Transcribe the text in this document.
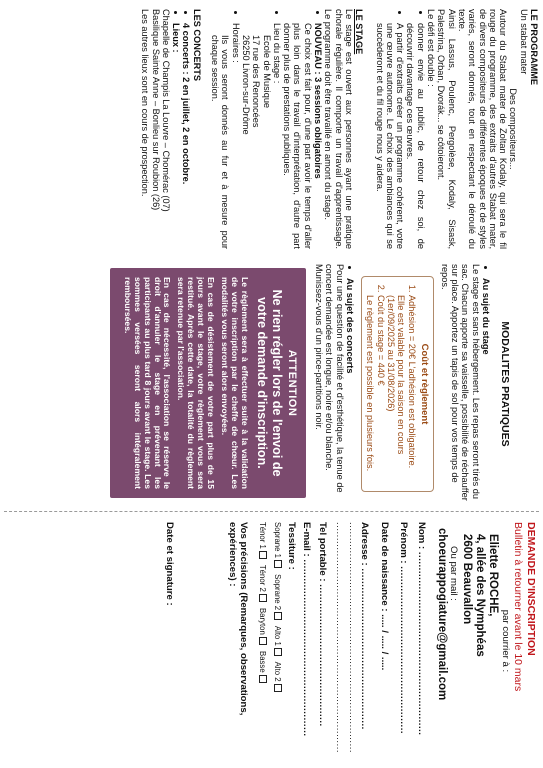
LE PROGRAMME

Un stabat mater

Des compositeurs...

Autour du Stabat mater de Zoltan Kodaly, qui sera le fil rouge du programme, des extraits d'autres Stabat mater, de divers compositeurs de différentes époques et de styles variés, seront donnés, tout en respectant le déroulé du texte.

Ainsi Lassus, Poulenc, Pergolèse, Kodaly, Sisask, Palestrina, Orban, Dvorák... se côtoieront.

Le défi est double :

• donner envie au public, de retour chez soi, de découvrir davantage ces œuvres.
• A partir d'extraits créer un programme cohérent, votre une œuvre autonome. Le choix des ambiances qui se succèderont et du fil rouge nous y aidera.

LE STAGE

Le stage est ouvert aux personnes ayant une pratique chorale régulière. Il comporte un travail d'apprentissage. Le programme doit être travaillé en amont du stage.

• NOUVEAU : 3 sessions obligatoires

Ce choix est fait pour, d'une part avoir le temps d'aller plus loin dans le travail d'interprétation, d'autre part donner plus de prestations publiques.

• Lieu du stage :

Ecole de Musique

17 rue des Renoncées

26250 Livron-sur-Drôme

• Horaires :

Ils vous seront donnés au fur et à mesure pour chaque session.

LES CONCERTS

• 4 concerts : 2 en juillet, 2 en octobre.
• Lieux :

Chapelle de Champis La Louvre – Chomérac (07)

Basilique Sainte Anne – Bonlieu sur Roubion (26)

Les autres lieux sont en cours de prospection.

MODALITES PRATIQUES

• Au sujet du stage

Le stage est sans hébergement. Les repas seront tirés du sac. Chacun apporte sa vaisselle, possibilité de réchauffer sur place. Apportez un tapis de sol pour vos temps de repos.

Coût et règlement
1. Adhésion = 20€ L'adhésion est obligatoire. Elle est valable pour la saison en cours (1er/09/2025 au 31/08/2026)
2. Coût du stage = 440 €
Le règlement est possible en plusieurs fois.
• Au sujet des concerts

Pour une question de facilité et d'esthétique, la tenue de concert demandée est longue, noire et/ou blanche. Munissez-vous d'un pince-partitions noir.

ATTENTION
Ne rien régler lors de l'envoi de votre demande d'inscription.

Le règlement sera à effectuer suite à la validation de votre inscription par le cheffe de chœur. Les modalités vous seront alors envoyées.

En cas de désistement de votre part plus de 15 jours avant le stage, votre règlement vous sera restitué. Après cette date, la totalité du règlement sera retenue par l'association.

En cas de nécessité, l'association se réserve le droit d'annuler le stage en prévenant les participants au plus tard 8 jours avant le stage. Les sommes versées seront alors intégralement remboursées.

DEMANDE D'INSCRIPTION

Bulletin à retourner avant le 10 mars

par courrier à :

Eliette ROCHE,

4, allée des Nymphéas

2600 Beauvallon

Ou par mail :

choeurappogiature@gmail.com

Nom : ..........................................................

Prénom : .....................................................

Date de naissance : ..... / ..... / .....

Adresse : ...................................................

.........................................................................

.........................................................................

Tel portable : .............................................

E-mail : ........................................................

Tessiture :

Soprane 1 Soprane 2 Alto 1 Alto 2

Ténor 1 Ténor 2 Baryton Basse

Vos précisions (Remarques, observations, expériences) :

Date et signature :
